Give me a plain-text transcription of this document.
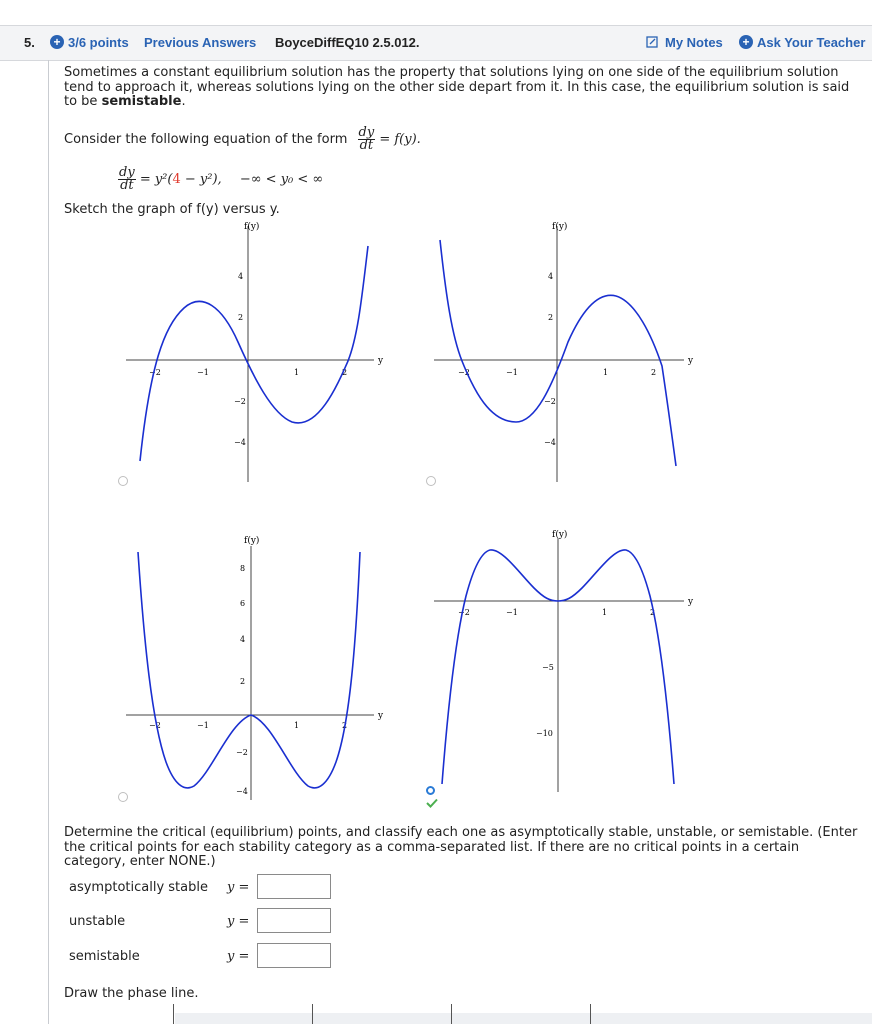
5. + 3/6 points Previous Answers BoyceDiffEQ10 2.5.012.	My Notes + Ask Your Teacher
Sometimes a constant equilibrium solution has the property that solutions lying on one side of the equilibrium solution
tend to approach it, whereas solutions lying on the other side depart from it. In this case, the equilibrium solution is said
to be semistable.
Consider the following equation of the form $\frac{dy}{dt} = f(y)$.
$\frac{dy}{dt} = y^2(4 - y^2)$, −∞ < y₀ < ∞
Sketch the graph of f(y) versus y.
f(y)
y
4
2
−2
−4
−2	−1	1	2
f(y)
y
4
2
−2
−4
−2	−1	1	2
f(y)
y
8
6
4
2
−2
−4
−2	−1	1	2
f(y)
y
−5
−10
−2	−1	1	2
Determine the critical (equilibrium) points, and classify each one as asymptotically stable, unstable, or semistable. (Enter
the critical points for each stability category as a comma-separated list. If there are no critical points in a certain
category, enter NONE.)
asymptotically stable y =
unstable	y =
semistable	y =
Draw the phase line.
